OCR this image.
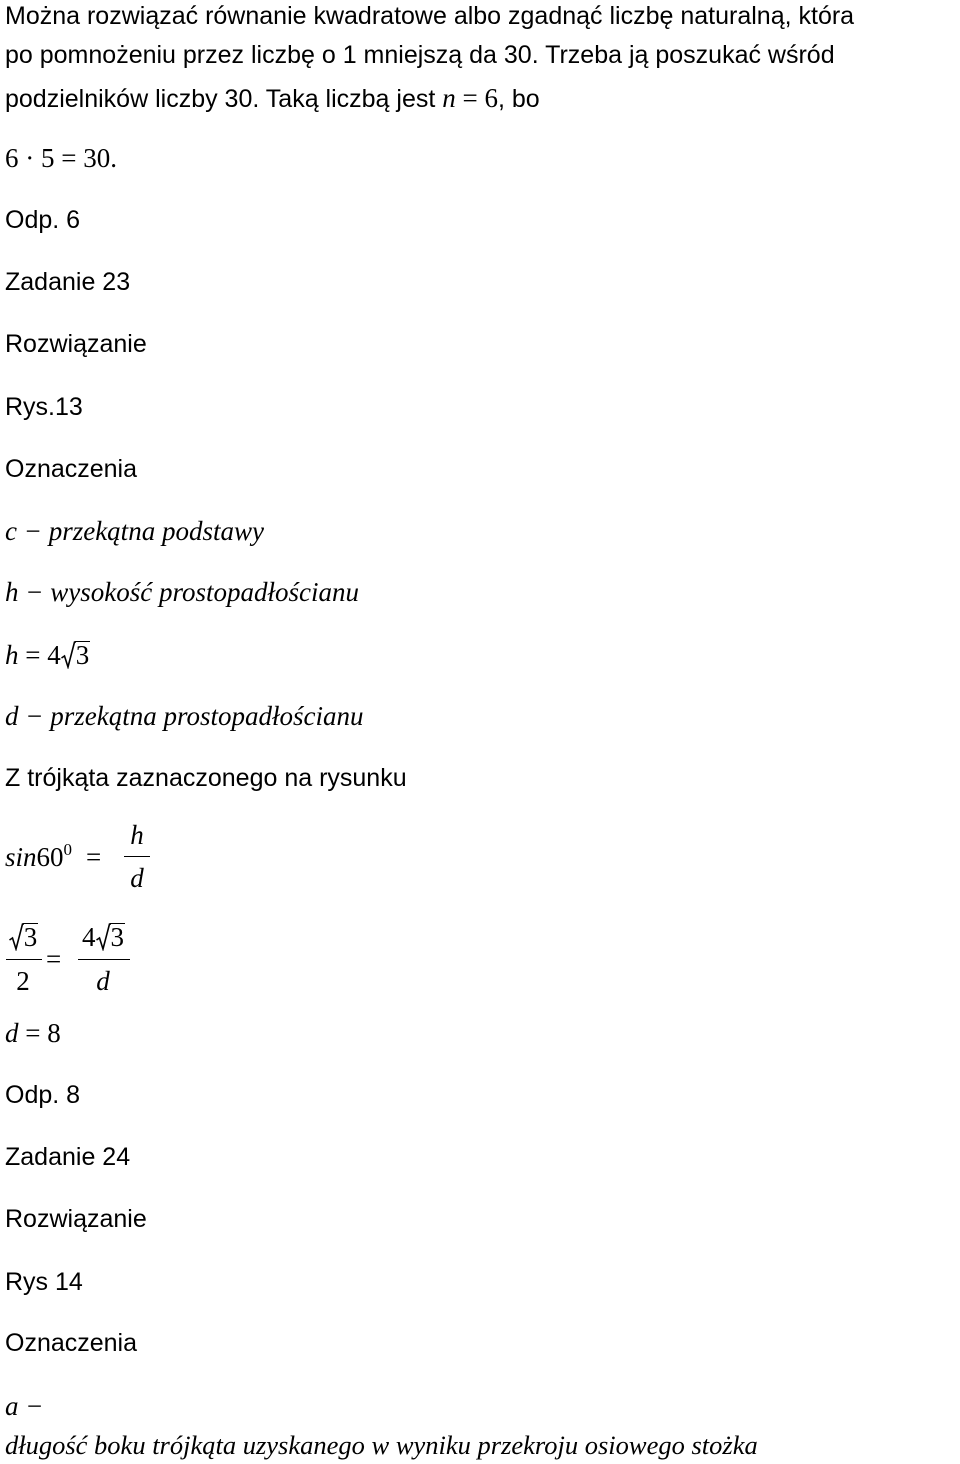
Można rozwiązać równanie kwadratowe albo zgadnąć liczbę naturalną, która
po pomnożeniu przez liczbę o 1 mniejszą da 30. Trzeba ją poszukać wśród
podzielników liczby 30. Taką liczbą jest n = 6, bo
6 · 5 = 30.
Odp. 6
Zadanie 23
Rozwiązanie
Rys.13
Oznaczenia
c − przekątna podstawy
h − wysokość prostopadłościanu
h = 4 3
d − przekątna prostopadłościanu
Z trójkąta zaznaczonego na rysunku
$\sin 60^0$ =
h
d
3
2
=
4 3
d
d = 8
Odp. 8
Zadanie 24
Rozwiązanie
Rys 14
Oznaczenia
a −
długość boku trójkąta uzyskanego w wyniku przekroju osiowego stożka
